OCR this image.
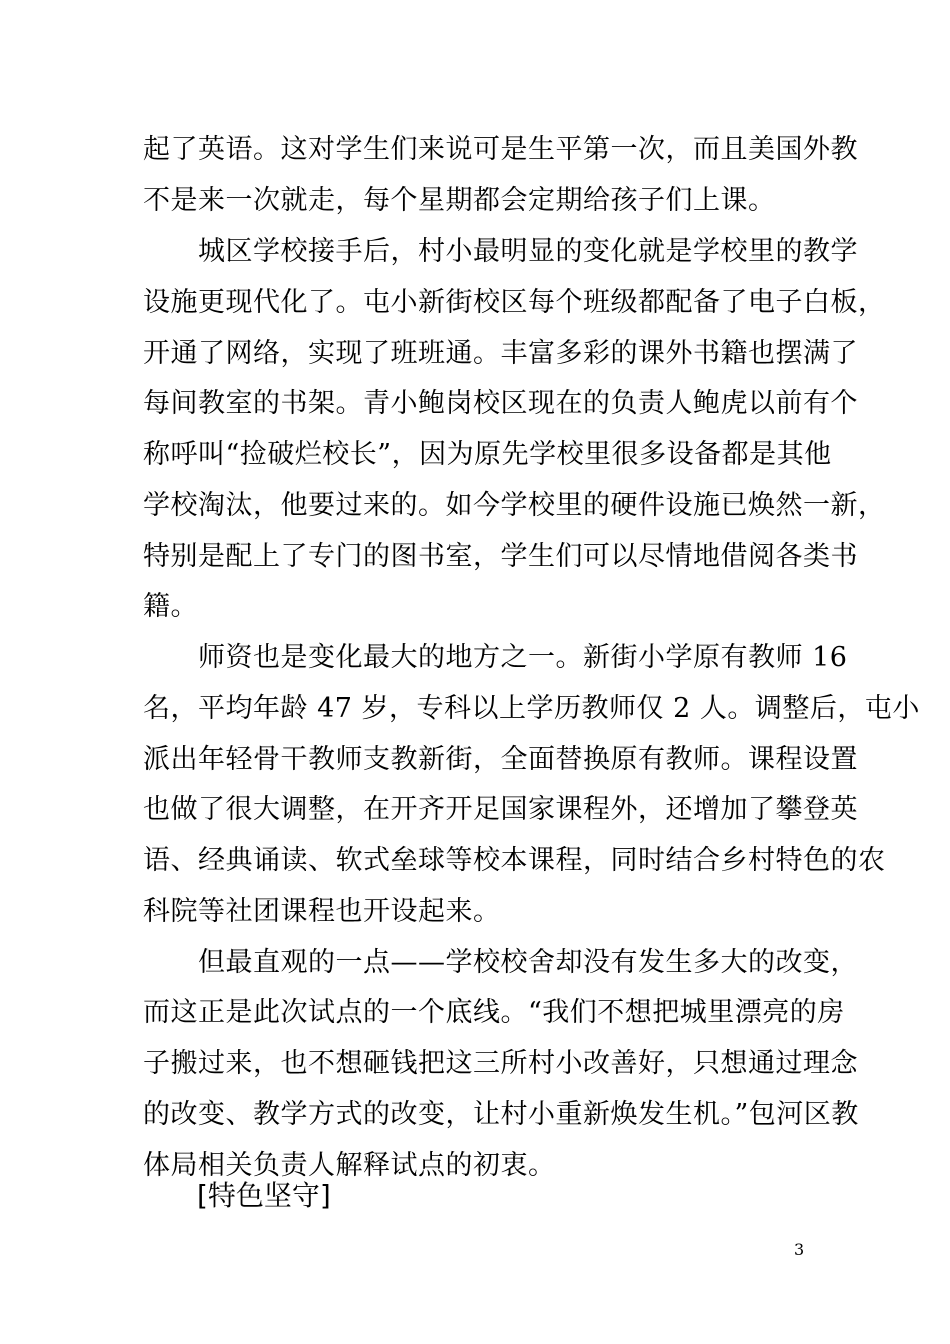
起了英语。这对学生们来说可是生平第一次，而且美国外教
不是来一次就走，每个星期都会定期给孩子们上课。
　　城区学校接手后，村小最明显的变化就是学校里的教学
设施更现代化了。屯小新街校区每个班级都配备了电子白板，
开通了网络，实现了班班通。丰富多彩的课外书籍也摆满了
每间教室的书架。青小鲍岗校区现在的负责人鲍虎以前有个
称呼叫“捡破烂校长”，因为原先学校里很多设备都是其他
学校淘汰，他要过来的。如今学校里的硬件设施已焕然一新，
特别是配上了专门的图书室，学生们可以尽情地借阅各类书
籍。
　　师资也是变化最大的地方之一。新街小学原有教师 16
名，平均年龄 47 岁，专科以上学历教师仅 2 人。调整后，屯小
派出年轻骨干教师支教新街，全面替换原有教师。课程设置
也做了很大调整，在开齐开足国家课程外，还增加了攀登英
语、经典诵读、软式垒球等校本课程，同时结合乡村特色的农
科院等社团课程也开设起来。
　　但最直观的一点——学校校舍却没有发生多大的改变，
而这正是此次试点的一个底线。“我们不想把城里漂亮的房
子搬过来，也不想砸钱把这三所村小改善好，只想通过理念
的改变、教学方式的改变，让村小重新焕发生机。”包河区教
体局相关负责人解释试点的初衷。
[特色坚守]
3
